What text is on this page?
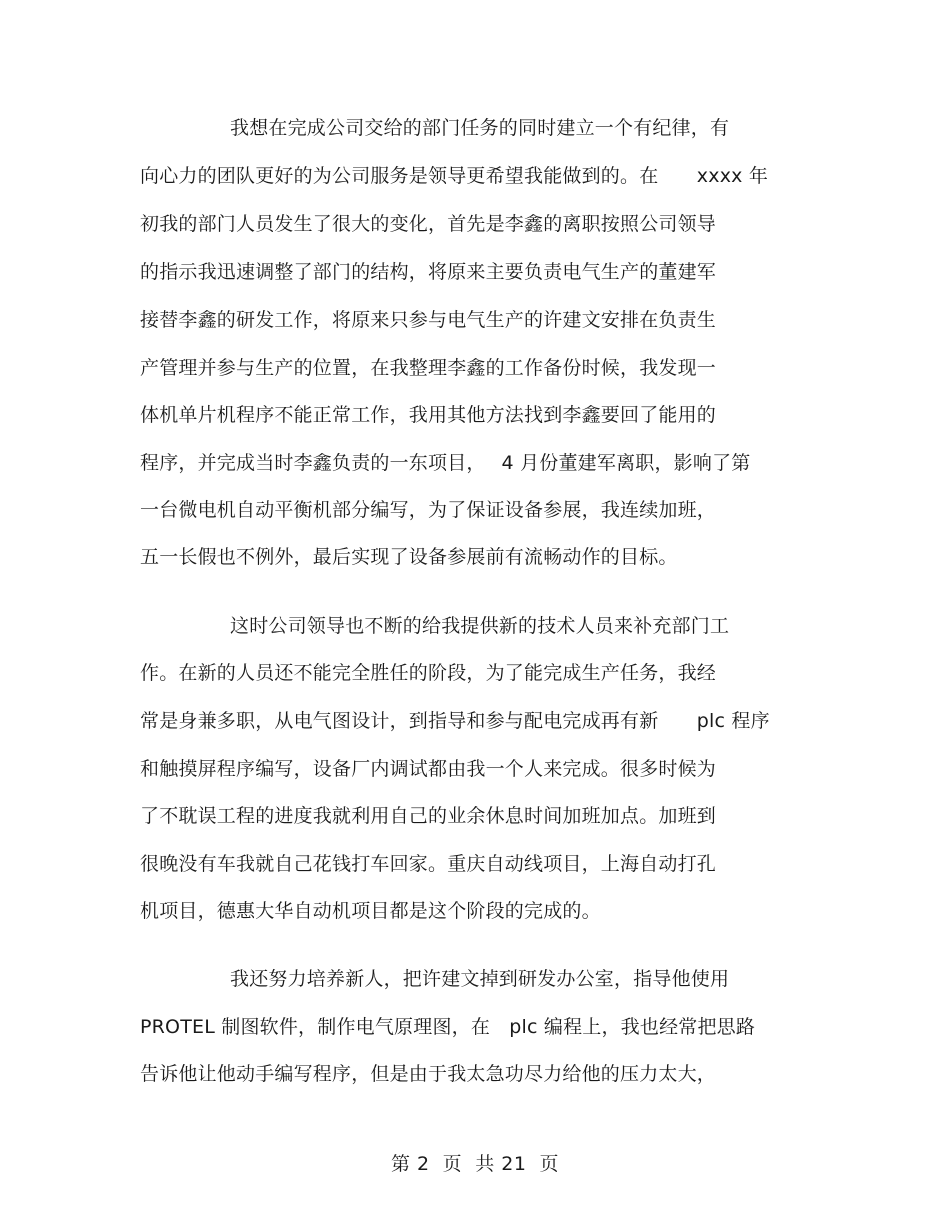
我想在完成公司交给的部门任务的同时建立一个有纪律，有
向心力的团队更好的为公司服务是领导更希望我能做到的。在　　xxxx 年
初我的部门人员发生了很大的变化，首先是李鑫的离职按照公司领导
的指示我迅速调整了部门的结构，将原来主要负责电气生产的董建军
接替李鑫的研发工作，将原来只参与电气生产的许建文安排在负责生
产管理并参与生产的位置，在我整理李鑫的工作备份时候，我发现一
体机单片机程序不能正常工作，我用其他方法找到李鑫要回了能用的
程序，并完成当时李鑫负责的一东项目，　 4 月份董建军离职，影响了第
一台微电机自动平衡机部分编写，为了保证设备参展，我连续加班，
五一长假也不例外，最后实现了设备参展前有流畅动作的目标。
这时公司领导也不断的给我提供新的技术人员来补充部门工
作。在新的人员还不能完全胜任的阶段，为了能完成生产任务，我经
常是身兼多职，从电气图设计，到指导和参与配电完成再有新　　plc 程序
和触摸屏程序编写，设备厂内调试都由我一个人来完成。很多时候为
了不耽误工程的进度我就利用自己的业余休息时间加班加点。加班到
很晚没有车我就自己花钱打车回家。重庆自动线项目，上海自动打孔
机项目，德惠大华自动机项目都是这个阶段的完成的。
我还努力培养新人，把许建文掉到研发办公室，指导他使用
PROTEL 制图软件，制作电气原理图，在　plc 编程上，我也经常把思路
告诉他让他动手编写程序，但是由于我太急功尽力给他的压力太大，
第 2  页  共 21  页
